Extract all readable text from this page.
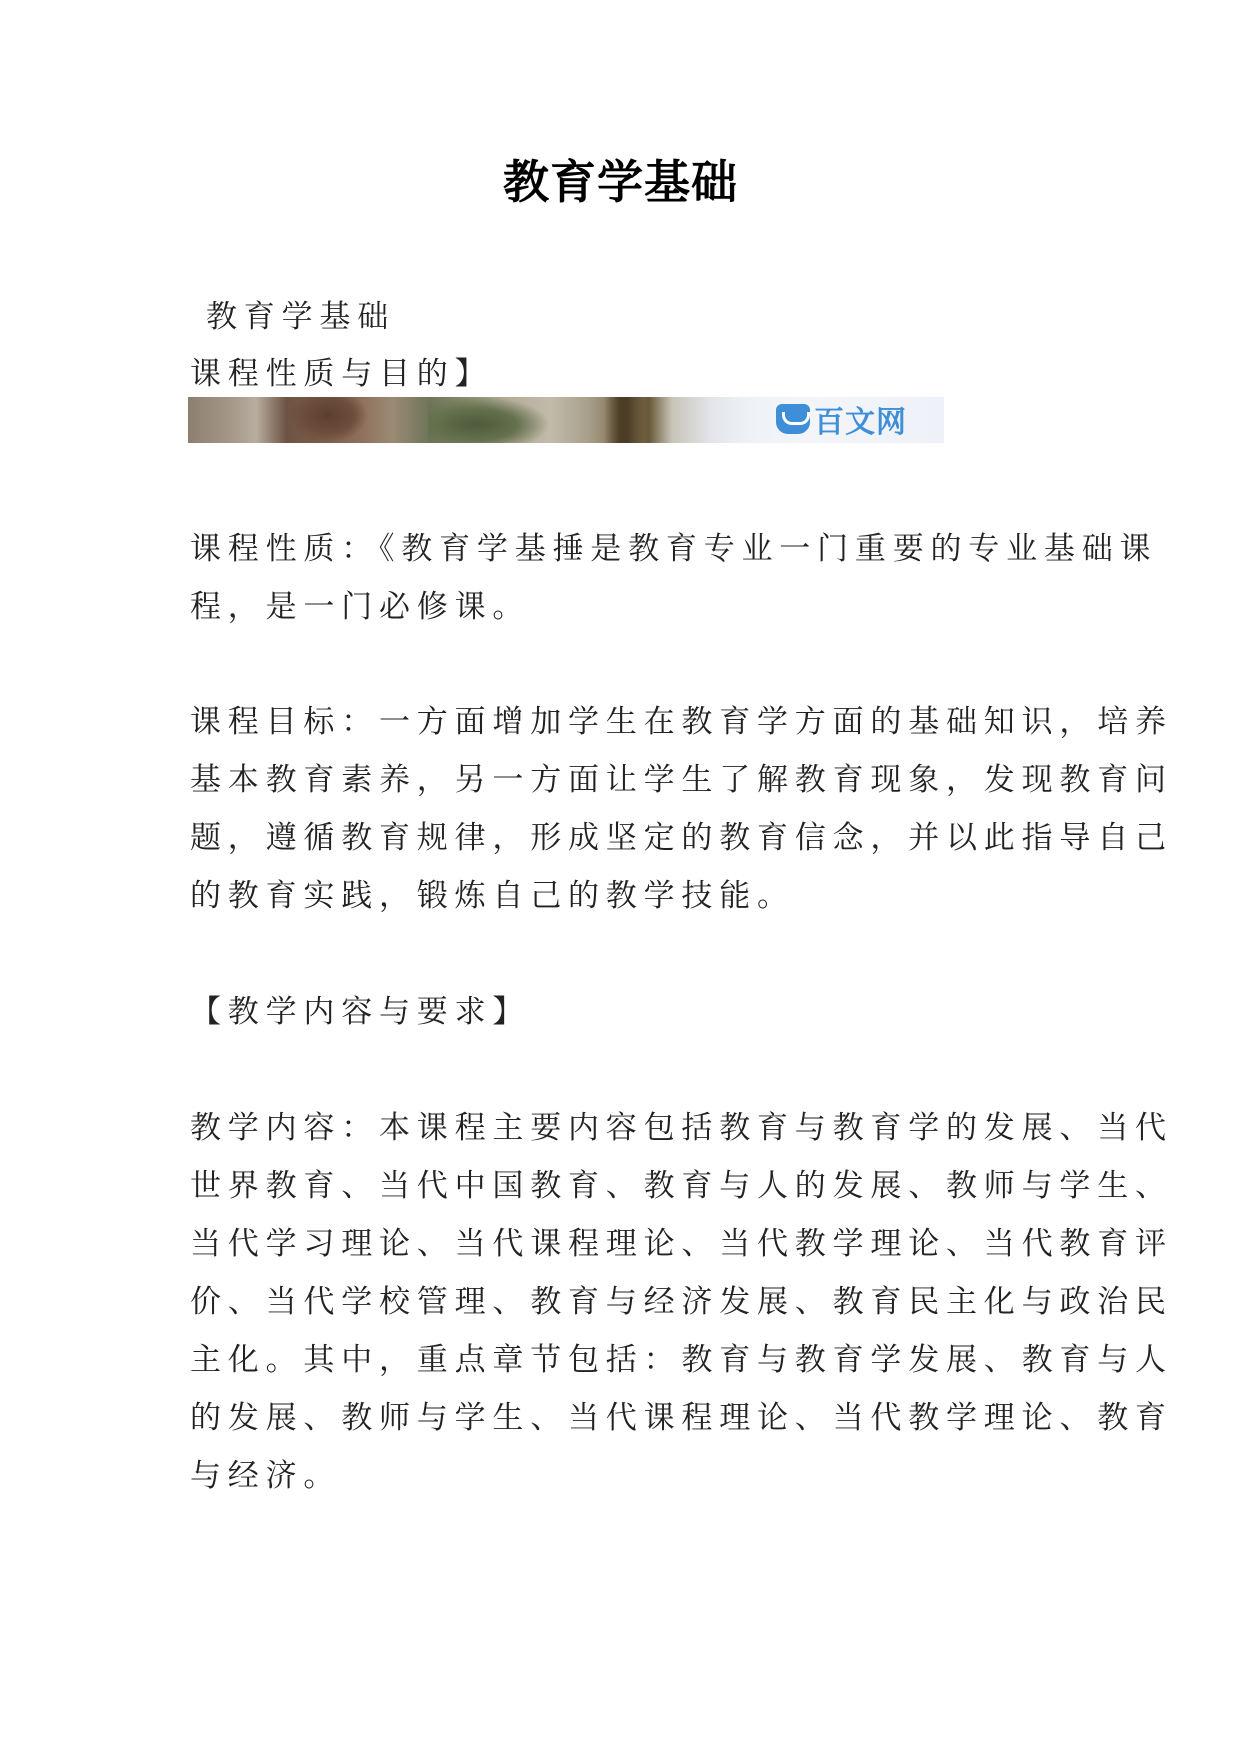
教育学基础
教育学基础
课程性质与目的】
百文网
课程性质：《教育学基捶是教育专业一门重要的专业基础课
程，是一门必修课。
课程目标：一方面增加学生在教育学方面的基础知识，培养
基本教育素养，另一方面让学生了解教育现象，发现教育问
题，遵循教育规律，形成坚定的教育信念，并以此指导自己
的教育实践，锻炼自己的教学技能。
【教学内容与要求】
教学内容：本课程主要内容包括教育与教育学的发展、当代
世界教育、当代中国教育、教育与人的发展、教师与学生、
当代学习理论、当代课程理论、当代教学理论、当代教育评
价、当代学校管理、教育与经济发展、教育民主化与政治民
主化。其中，重点章节包括：教育与教育学发展、教育与人
的发展、教师与学生、当代课程理论、当代教学理论、教育
与经济。
